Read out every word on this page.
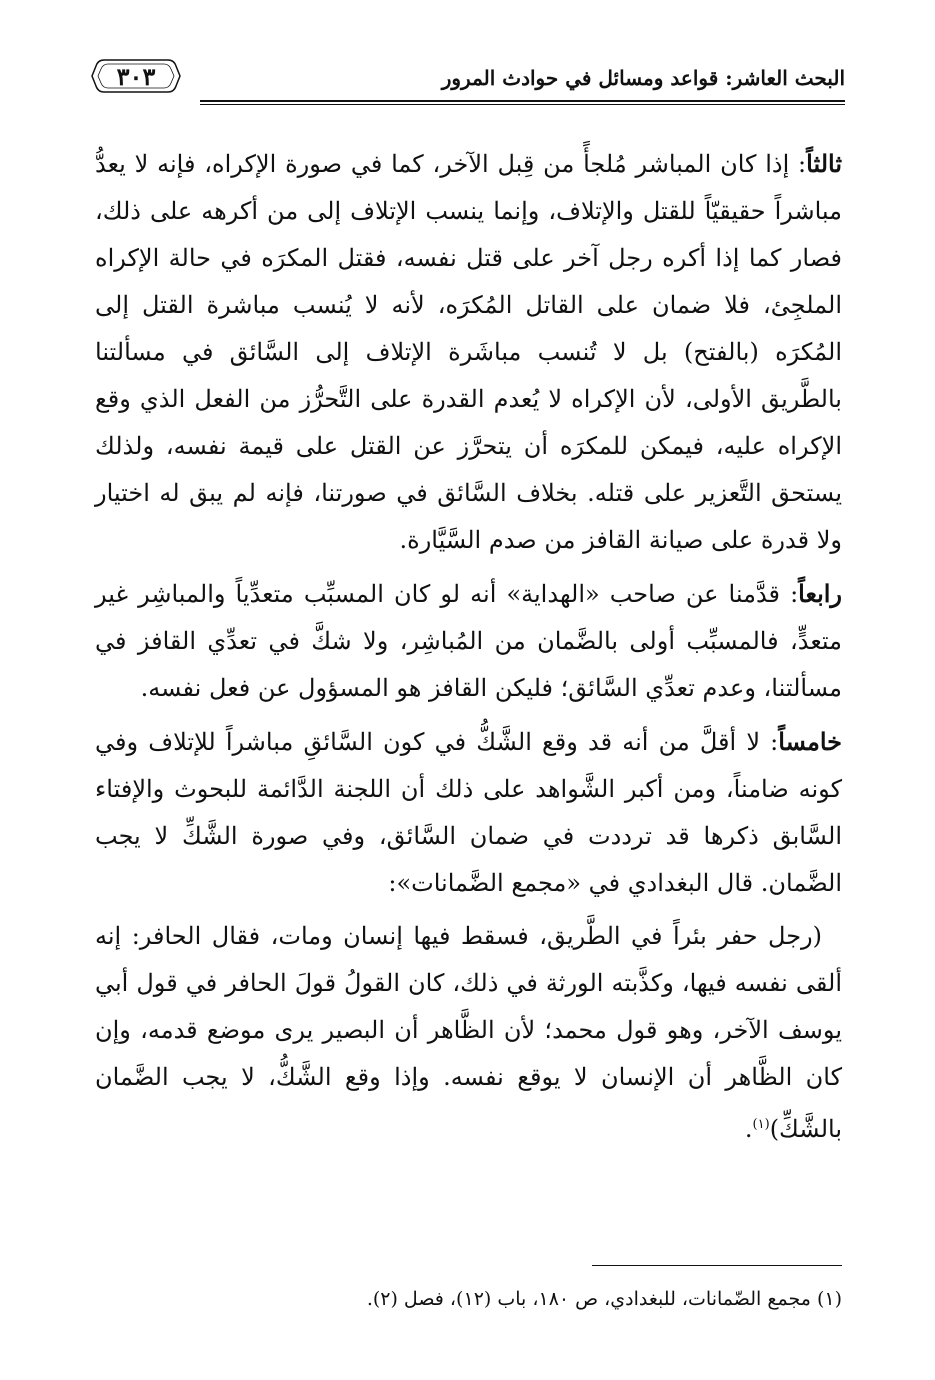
البحث العاشر: قواعد ومسائل في حوادث المرور
٣٠٣

ثالثاً: إذا كان المباشر مُلجأً من قِبل الآخر، كما في صورة الإكراه، فإنه لا يعدُّ مباشراً حقيقيّاً للقتل والإتلاف، وإنما ينسب الإتلاف إلى من أكرهه على ذلك، فصار كما إذا أكره رجل آخر على قتل نفسه، فقتل المكرَه في حالة الإكراه الملجِئ، فلا ضمان على القاتل المُكرَه، لأنه لا يُنسب مباشرة القتل إلى المُكرَه (بالفتح) بل لا تُنسب مباشَرة الإتلاف إلى السَّائق في مسألتنا بالطَّريق الأولى، لأن الإكراه لا يُعدم القدرة على التَّحرُّز من الفعل الذي وقع الإكراه عليه، فيمكن للمكرَه أن يتحرَّز عن القتل على قيمة نفسه، ولذلك يستحق التَّعزير على قتله. بخلاف السَّائق في صورتنا، فإنه لم يبق له اختيار ولا قدرة على صيانة القافز من صدم السَّيَّارة.

رابعاً: قدَّمنا عن صاحب «الهداية» أنه لو كان المسبِّب متعدِّياً والمباشِر غير متعدٍّ، فالمسبِّب أولى بالضَّمان من المُباشِر، ولا شكَّ في تعدِّي القافز في مسألتنا، وعدم تعدِّي السَّائق؛ فليكن القافز هو المسؤول عن فعل نفسه.

خامساً: لا أقلَّ من أنه قد وقع الشَّكُّ في كون السَّائقِ مباشراً للإتلاف وفي كونه ضامناً، ومن أكبر الشَّواهد على ذلك أن اللجنة الدَّائمة للبحوث والإفتاء السَّابق ذكرها قد ترددت في ضمان السَّائق، وفي صورة الشَّكِّ لا يجب الضَّمان. قال البغدادي في «مجمع الضَّمانات»:

(رجل حفر بئراً في الطَّريق، فسقط فيها إنسان ومات، فقال الحافر: إنه ألقى نفسه فيها، وكذَّبته الورثة في ذلك، كان القولُ قولَ الحافر في قول أبي يوسف الآخر، وهو قول محمد؛ لأن الظَّاهر أن البصير يرى موضع قدمه، وإن كان الظَّاهر أن الإنسان لا يوقع نفسه. وإذا وقع الشَّكُّ، لا يجب الضَّمان بالشَّكِّ)$^{(١)}$.

(١) مجمع الضّمانات، للبغدادي، ص ١٨٠، باب (١٢)، فصل (٢).
